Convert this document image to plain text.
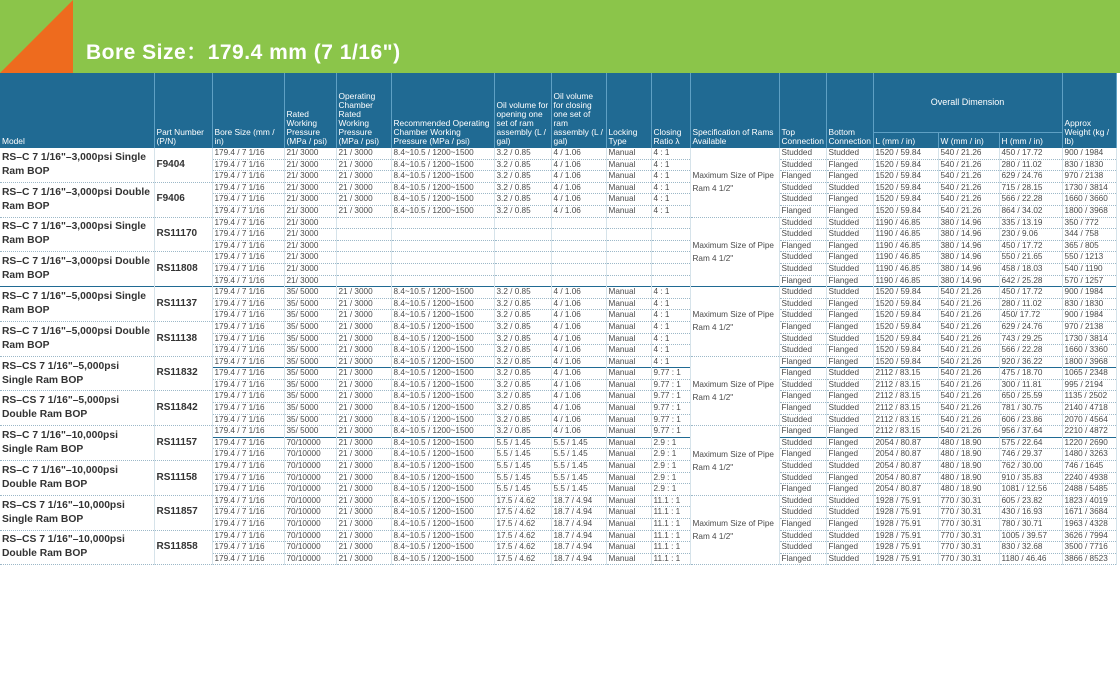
Bore Size：179.4 mm (7 1/16")
Model	Part Number (P/N)	Bore Size (mm / in)	Rated Working Pressure (MPa / psi)	Operating Chamber Rated Working Pressure (MPa / psi)	Recommended Operating Chamber Working Pressure (MPa / psi)	Oil volume for opening one set of ram assembly (L / gal)	Oil volume for closing one set of ram assembly (L / gal)	Locking Type	Closing Ratio λ	Specification of Rams Available	Top Connection	Bottom Connection	Overall Dimension			Approx Weight (kg / lb)
													L (mm / in)	W (mm / in)	H (mm / in)	
RS–C 7 1/16"–3,000psi Single Ram BOP	F9404	179.4 / 7 1/16	21/ 3000	21 / 3000	8.4~10.5 / 1200~1500	3.2 / 0.85	4 / 1.06	Manual	4 : 1	Maximum Size of Pipe Ram 4 1/2"	Studded	Studded	1520 / 59.84	540 / 21.26	450 / 17.72	900 / 1984
		179.4 / 7 1/16	21/ 3000	21 / 3000	8.4~10.5 / 1200~1500	3.2 / 0.85	4 / 1.06	Manual	4 : 1		Studded	Flanged	1520 / 59.84	540 / 21.26	280 / 11.02	830 / 1830
		179.4 / 7 1/16	21/ 3000	21 / 3000	8.4~10.5 / 1200~1500	3.2 / 0.85	4 / 1.06	Manual	4 : 1		Flanged	Flanged	1520 / 59.84	540 / 21.26	629 / 24.76	970 / 2138
RS–C 7 1/16"–3,000psi Double Ram BOP	F9406	179.4 / 7 1/16	21/ 3000	21 / 3000	8.4~10.5 / 1200~1500	3.2 / 0.85	4 / 1.06	Manual	4 : 1		Studded	Studded	1520 / 59.84	540 / 21.26	715 / 28.15	1730 / 3814
		179.4 / 7 1/16	21/ 3000	21 / 3000	8.4~10.5 / 1200~1500	3.2 / 0.85	4 / 1.06	Manual	4 : 1		Studded	Flanged	1520 / 59.84	540 / 21.26	566 / 22.28	1660 / 3660
		179.4 / 7 1/16	21/ 3000	21 / 3000	8.4~10.5 / 1200~1500	3.2 / 0.85	4 / 1.06	Manual	4 : 1		Flanged	Flanged	1520 / 59.84	540 / 21.26	864 / 34.02	1800 / 3968
RS–C 7 1/16"–3,000psi Single Ram BOP	RS11170	179.4 / 7 1/16	21/ 3000							Maximum Size of Pipe Ram 4 1/2"	Studded	Studded	1190 / 46.85	380 / 14.96	335 / 13.19	350 / 772
		179.4 / 7 1/16	21/ 3000								Studded	Studded	1190 / 46.85	380 / 14.96	230 / 9.06	344 / 758
		179.4 / 7 1/16	21/ 3000								Flanged	Flanged	1190 / 46.85	380 / 14.96	450 / 17.72	365 / 805
RS–C 7 1/16"–3,000psi Double Ram BOP	RS11808	179.4 / 7 1/16	21/ 3000								Studded	Flanged	1190 / 46.85	380 / 14.96	550 / 21.65	550 / 1213
		179.4 / 7 1/16	21/ 3000								Studded	Studded	1190 / 46.85	380 / 14.96	458 / 18.03	540 / 1190
		179.4 / 7 1/16	21/ 3000								Flanged	Flanged	1190 / 46.85	380 / 14.96	642 / 25.28	570 / 1257
RS–C 7 1/16"–5,000psi Single Ram BOP	RS11137	179.4 / 7 1/16	35/ 5000	21 / 3000	8.4~10.5 / 1200~1500	3.2 / 0.85	4 / 1.06	Manual	4 : 1	Maximum Size of Pipe Ram 4 1/2"	Studded	Studded	1520 / 59.84	540 / 21.26	450 / 17.72	900 / 1984
		179.4 / 7 1/16	35/ 5000	21 / 3000	8.4~10.5 / 1200~1500	3.2 / 0.85	4 / 1.06	Manual	4 : 1		Studded	Flanged	1520 / 59.84	540 / 21.26	280 / 11.02	830 / 1830
		179.4 / 7 1/16	35/ 5000	21 / 3000	8.4~10.5 / 1200~1500	3.2 / 0.85	4 / 1.06	Manual	4 : 1		Studded	Flanged	1520 / 59.84	540 / 21.26	450/ 17.72	900 / 1984
RS–C 7 1/16"–5,000psi Double Ram BOP	RS11138	179.4 / 7 1/16	35/ 5000	21 / 3000	8.4~10.5 / 1200~1500	3.2 / 0.85	4 / 1.06	Manual	4 : 1		Flanged	Flanged	1520 / 59.84	540 / 21.26	629 / 24.76	970 / 2138
		179.4 / 7 1/16	35/ 5000	21 / 3000	8.4~10.5 / 1200~1500	3.2 / 0.85	4 / 1.06	Manual	4 : 1		Studded	Studded	1520 / 59.84	540 / 21.26	743 / 29.25	1730 / 3814
		179.4 / 7 1/16	35/ 5000	21 / 3000	8.4~10.5 / 1200~1500	3.2 / 0.85	4 / 1.06	Manual	4 : 1		Studded	Flanged	1520 / 59.84	540 / 21.26	566 / 22.28	1660 / 3360
RS–CS 7 1/16"–5,000psi Single Ram BOP	RS11832	179.4 / 7 1/16	35/ 5000	21 / 3000	8.4~10.5 / 1200~1500	3.2 / 0.85	4 / 1.06	Manual	4 : 1	Maximum Size of Pipe Ram 4 1/2"	Flanged	Flanged	1520 / 59.84	540 / 21.26	920 / 36.22	1800 / 3968
		179.4 / 7 1/16	35/ 5000	21 / 3000	8.4~10.5 / 1200~1500	3.2 / 0.85	4 / 1.06	Manual	9.77 : 1		Flanged	Studded	2112 / 83.15	540 / 21.26	475 / 18.70	1065 / 2348
		179.4 / 7 1/16	35/ 5000	21 / 3000	8.4~10.5 / 1200~1500	3.2 / 0.85	4 / 1.06	Manual	9.77 : 1		Studded	Studded	2112 / 83.15	540 / 21.26	300 / 11.81	995 / 2194
RS–CS 7 1/16"–5,000psi Double Ram BOP	RS11842	179.4 / 7 1/16	35/ 5000	21 / 3000	8.4~10.5 / 1200~1500	3.2 / 0.85	4 / 1.06	Manual	9.77 : 1		Flanged	Flanged	2112 / 83.15	540 / 21.26	650 / 25.59	1135 / 2502
		179.4 / 7 1/16	35/ 5000	21 / 3000	8.4~10.5 / 1200~1500	3.2 / 0.85	4 / 1.06	Manual	9.77 : 1		Flanged	Studded	2112 / 83.15	540 / 21.26	781 / 30.75	2140 / 4718
		179.4 / 7 1/16	35/ 5000	21 / 3000	8.4~10.5 / 1200~1500	3.2 / 0.85	4 / 1.06	Manual	9.77 : 1		Studded	Studded	2112 / 83.15	540 / 21.26	606 / 23.86	2070 / 4564
RS–C 7 1/16"–10,000psi Single Ram BOP	RS11157	179.4 / 7 1/16	35/ 5000	21 / 3000	8.4~10.5 / 1200~1500	3.2 / 0.85	4 / 1.06	Manual	9.77 : 1	Maximum Size of Pipe Ram 4 1/2"	Flanged	Flanged	2112 / 83.15	540 / 21.26	956 / 37.64	2210 / 4872
		179.4 / 7 1/16	70/10000	21 / 3000	8.4~10.5 / 1200~1500	5.5 / 1.45	5.5 / 1.45	Manual	2.9 : 1		Studded	Flanged	2054 / 80.87	480 / 18.90	575 / 22.64	1220 / 2690
		179.4 / 7 1/16	70/10000	21 / 3000	8.4~10.5 / 1200~1500	5.5 / 1.45	5.5 / 1.45	Manual	2.9 : 1		Flanged	Flanged	2054 / 80.87	480 / 18.90	746 / 29.37	1480 / 3263
RS–C 7 1/16"–10,000psi Double Ram BOP	RS11158	179.4 / 7 1/16	70/10000	21 / 3000	8.4~10.5 / 1200~1500	5.5 / 1.45	5.5 / 1.45	Manual	2.9 : 1		Studded	Studded	2054 / 80.87	480 / 18.90	762 / 30.00	746 / 1645
		179.4 / 7 1/16	70/10000	21 / 3000	8.4~10.5 / 1200~1500	5.5 / 1.45	5.5 / 1.45	Manual	2.9 : 1		Studded	Flanged	2054 / 80.87	480 / 18.90	910 / 35.83	2240 / 4938
		179.4 / 7 1/16	70/10000	21 / 3000	8.4~10.5 / 1200~1500	5.5 / 1.45	5.5 / 1.45	Manual	2.9 : 1		Flanged	Flanged	2054 / 80.87	480 / 18.90	1081 / 12.56	2488 / 5485
RS–CS 7 1/16"–10,000psi Single Ram BOP	RS11857	179.4 / 7 1/16	70/10000	21 / 3000	8.4~10.5 / 1200~1500	17.5 / 4.62	18.7 / 4.94	Manual	11.1 : 1	Maximum Size of Pipe Ram 4 1/2"	Studded	Studded	1928 / 75.91	770 / 30.31	605 / 23.82	1823 / 4019
		179.4 / 7 1/16	70/10000	21 / 3000	8.4~10.5 / 1200~1500	17.5 / 4.62	18.7 / 4.94	Manual	11.1 : 1		Studded	Studded	1928 / 75.91	770 / 30.31	430 / 16.93	1671 / 3684
		179.4 / 7 1/16	70/10000	21 / 3000	8.4~10.5 / 1200~1500	17.5 / 4.62	18.7 / 4.94	Manual	11.1 : 1		Flanged	Flanged	1928 / 75.91	770 / 30.31	780 / 30.71	1963 / 4328
RS–CS 7 1/16"–10,000psi Double Ram BOP	RS11858	179.4 / 7 1/16	70/10000	21 / 3000	8.4~10.5 / 1200~1500	17.5 / 4.62	18.7 / 4.94	Manual	11.1 : 1		Studded	Studded	1928 / 75.91	770 / 30.31	1005 / 39.57	3626 / 7994
		179.4 / 7 1/16	70/10000	21 / 3000	8.4~10.5 / 1200~1500	17.5 / 4.62	18.7 / 4.94	Manual	11.1 : 1		Studded	Flanged	1928 / 75.91	770 / 30.31	830 / 32.68	3500 / 7716
		179.4 / 7 1/16	70/10000	21 / 3000	8.4~10.5 / 1200~1500	17.5 / 4.62	18.7 / 4.94	Manual	11.1 : 1		Flanged	Studded	1928 / 75.91	770 / 30.31	1180 / 46.46	3866 / 8523
